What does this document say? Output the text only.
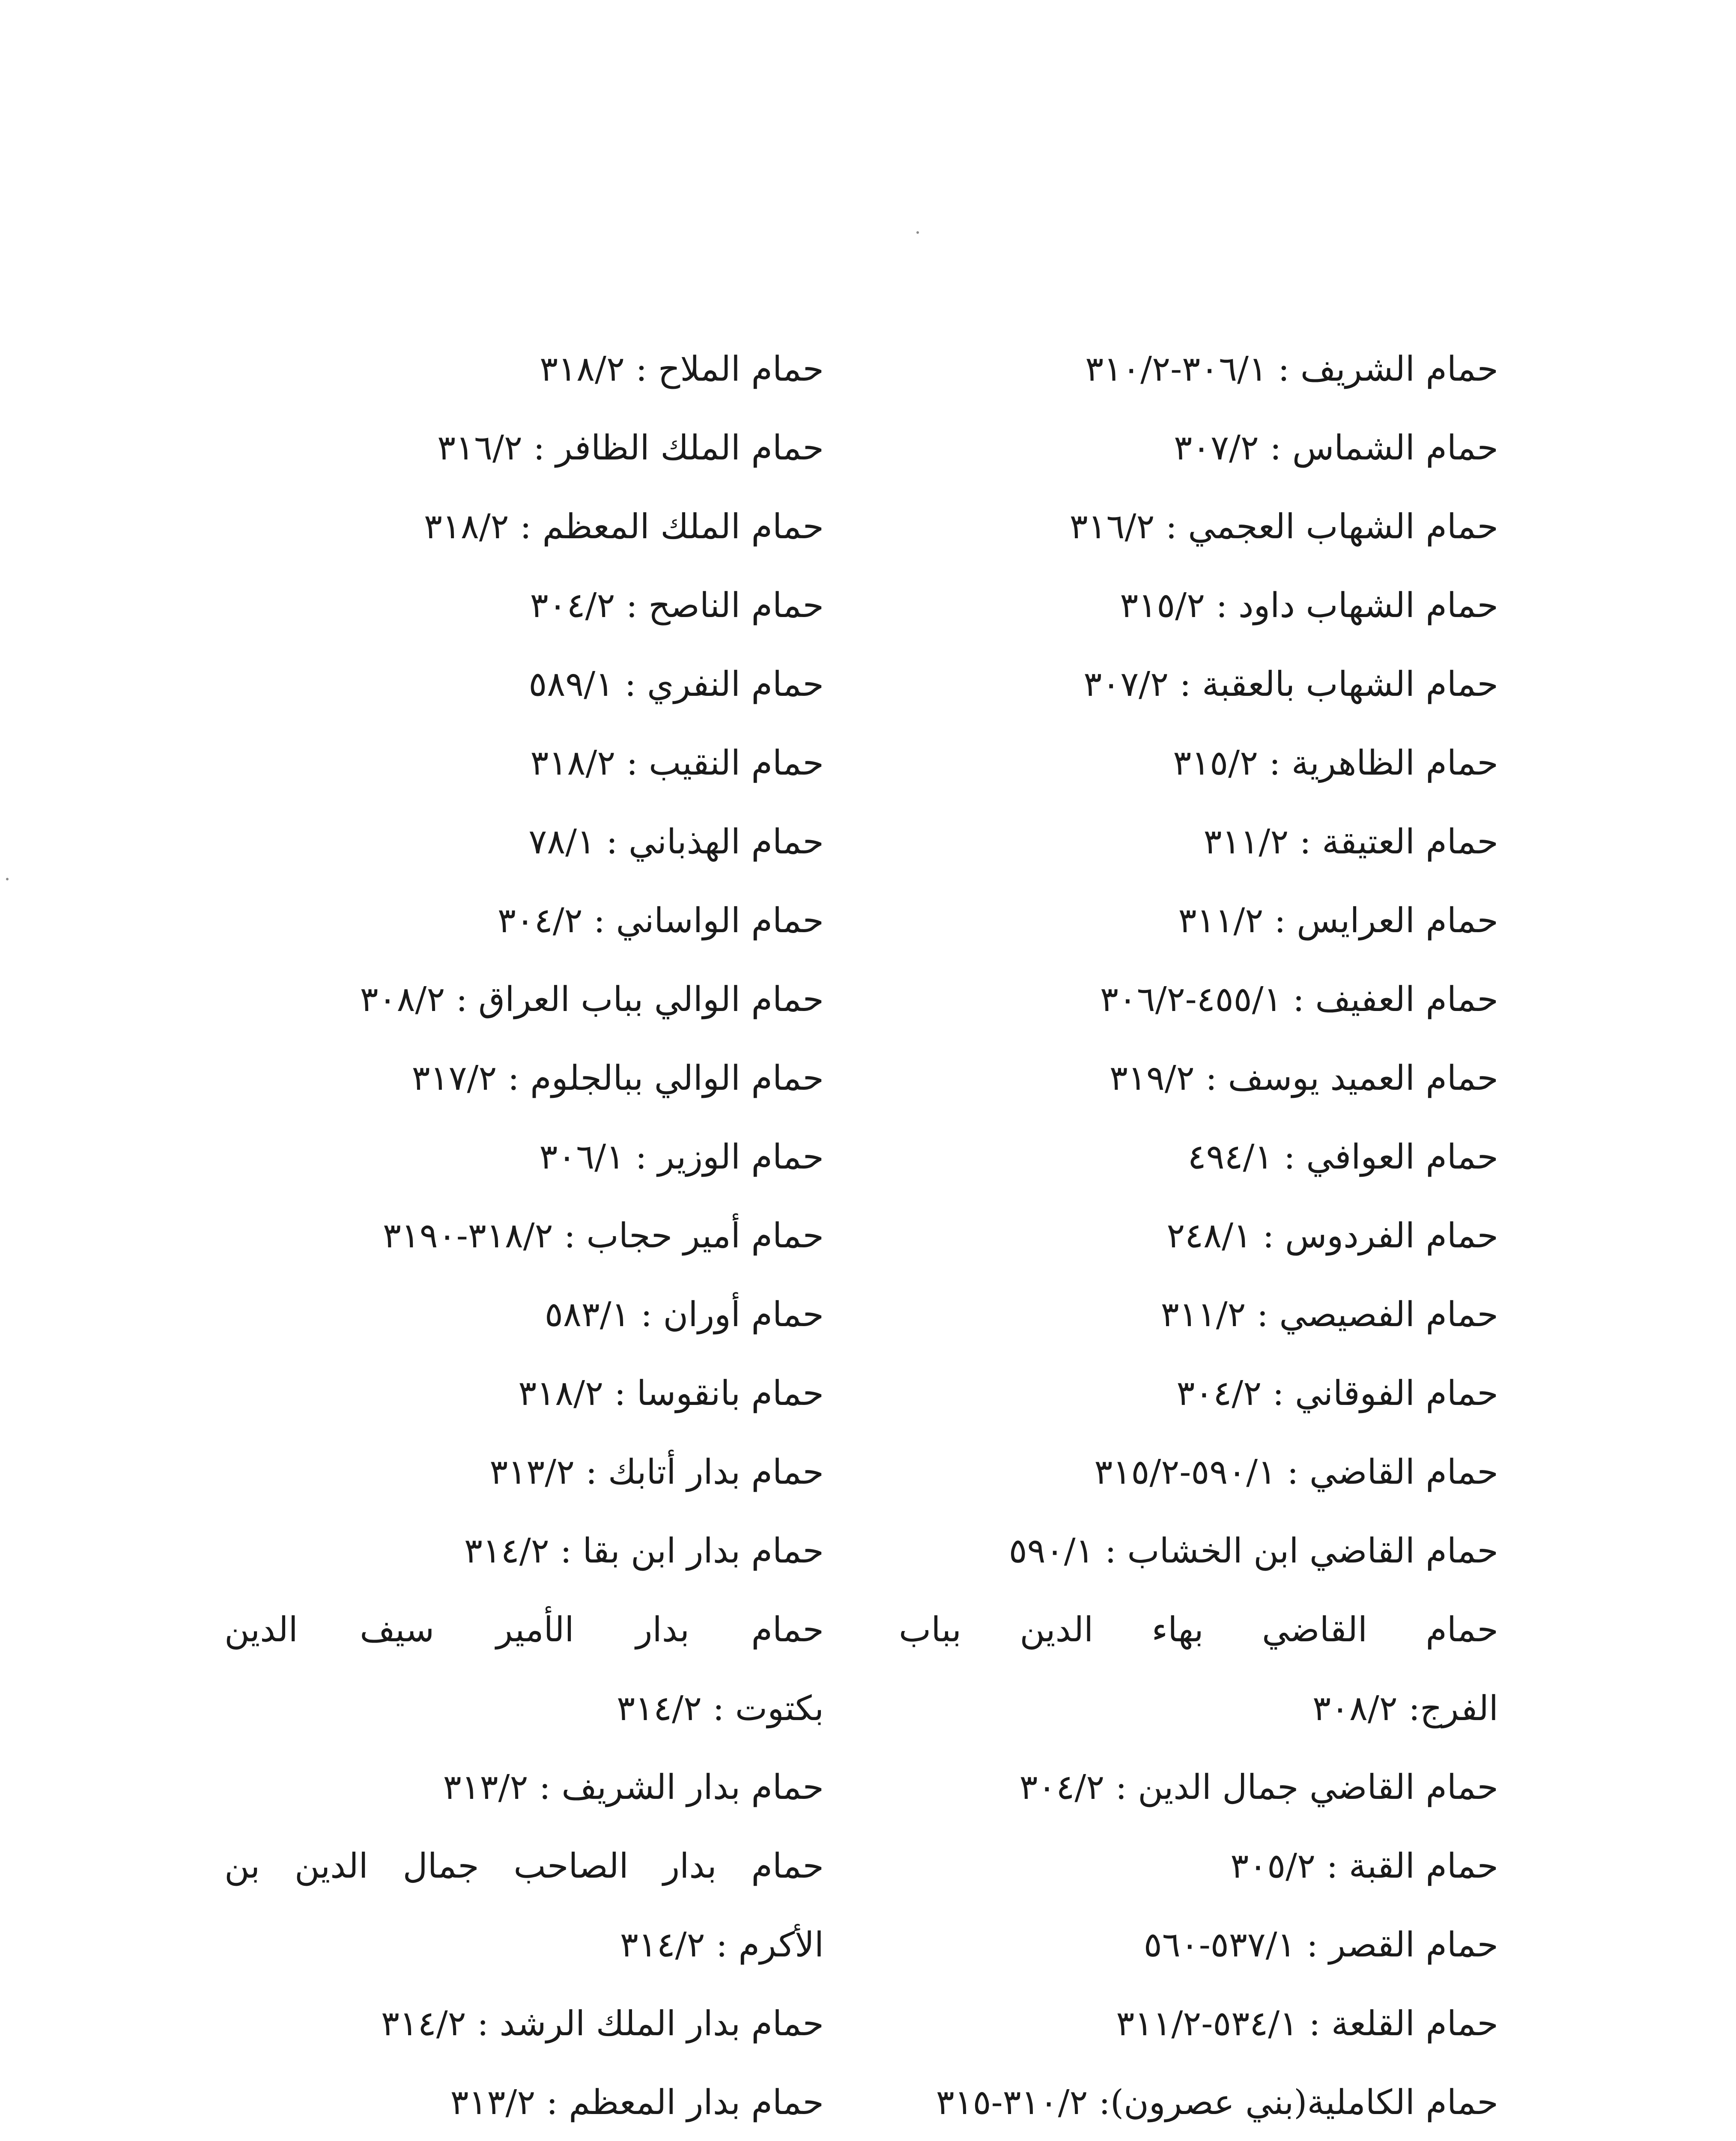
حمام الشريف : ٣٠٦/١-٣١٠/٢

حمام الشماس : ٣٠٧/٢

حمام الشهاب العجمي : ٣١٦/٢

حمام الشهاب داود : ٣١٥/٢

حمام الشهاب بالعقبة : ٣٠٧/٢

حمام الظاهرية : ٣١٥/٢

حمام العتيقة : ٣١١/٢

حمام العرايس : ٣١١/٢

حمام العفيف : ٤٥٥/١-٣٠٦/٢

حمام العميد يوسف : ٣١٩/٢

حمام العوافي : ٤٩٤/١

حمام الفردوس : ٢٤٨/١

حمام الفصيصي : ٣١١/٢

حمام الفوقاني : ٣٠٤/٢

حمام القاضي : ٥٩٠/١-٣١٥/٢

حمام القاضي ابن الخشاب : ٥٩٠/١

حمام القاضي بهاء الدين بباب

الفرج: ٣٠٨/٢

حمام القاضي جمال الدين : ٣٠٤/٢

حمام القبة : ٣٠٥/٢

حمام القصر : ٥٣٧/١-٥٦٠

حمام القلعة : ٥٣٤/١-٣١١/٢

حمام الكاملية(بني عصرون): ٣١٠/٢-٣١٥

حمام الملاح : ٣١٨/٢

حمام الملك الظافر : ٣١٦/٢

حمام الملك المعظم : ٣١٨/٢

حمام الناصح : ٣٠٤/٢

حمام النفري : ٥٨٩/١

حمام النقيب : ٣١٨/٢

حمام الهذباني : ٧٨/١

حمام الواساني : ٣٠٤/٢

حمام الوالي بباب العراق : ٣٠٨/٢

حمام الوالي ببالجلوم : ٣١٧/٢

حمام الوزير : ٣٠٦/١

حمام أمير حجاب : ٣١٨/٢-٣١٩٠

حمام أوران : ٥٨٣/١

حمام بانقوسا : ٣١٨/٢

حمام بدار أتابك : ٣١٣/٢

حمام بدار ابن بقا : ٣١٤/٢

حمام بدار الأمير سيف الدين

بكتوت : ٣١٤/٢

حمام بدار الشريف : ٣١٣/٢

حمام بدار الصاحب جمال الدين بن

الأكرم : ٣١٤/٢

حمام بدار الملك الرشد : ٣١٤/٢

حمام بدار المعظم : ٣١٣/٢
